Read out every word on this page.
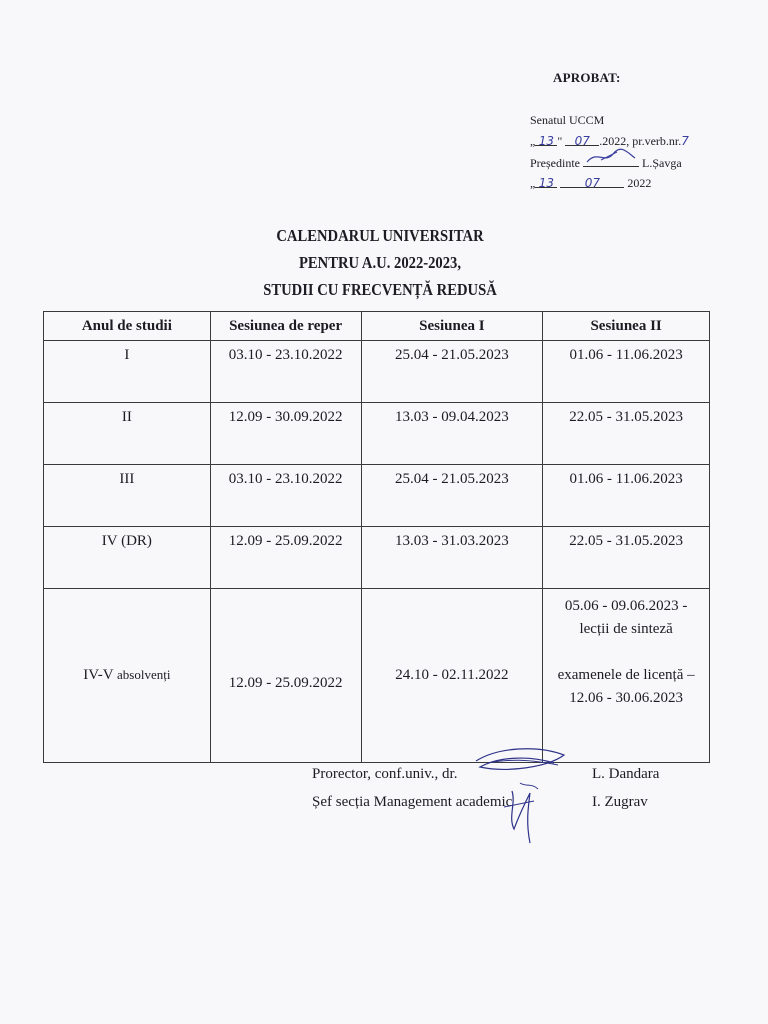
APROBAT:
Senatul UCCM
„ 13 " 07 .2022, pr.verb.nr.7
Președinte	L.Șavga
„ 13	07 2022
CALENDARUL UNIVERSITAR
PENTRU A.U. 2022-2023,
STUDII CU FRECVENȚĂ REDUSĂ
Anul de studii	Sesiunea de reper	Sesiunea I	Sesiunea II
I	03.10 - 23.10.2022	25.04 - 21.05.2023	01.06 - 11.06.2023
II	12.09 - 30.09.2022	13.03 - 09.04.2023	22.05 - 31.05.2023
III	03.10 - 23.10.2022	25.04 - 21.05.2023	01.06 - 11.06.2023
IV (DR)	12.09 - 25.09.2022	13.03 - 31.03.2023	22.05 - 31.05.2023
IV-V absolvenți	12.09 - 25.09.2022	24.10 - 02.11.2022	05.06 - 09.06.2023 -
lecții de sinteză
examenele de licență –
12.06 - 30.06.2023
Prorector, conf.univ., dr.
Șef secția Management academic
L. Dandara
I. Zugrav
